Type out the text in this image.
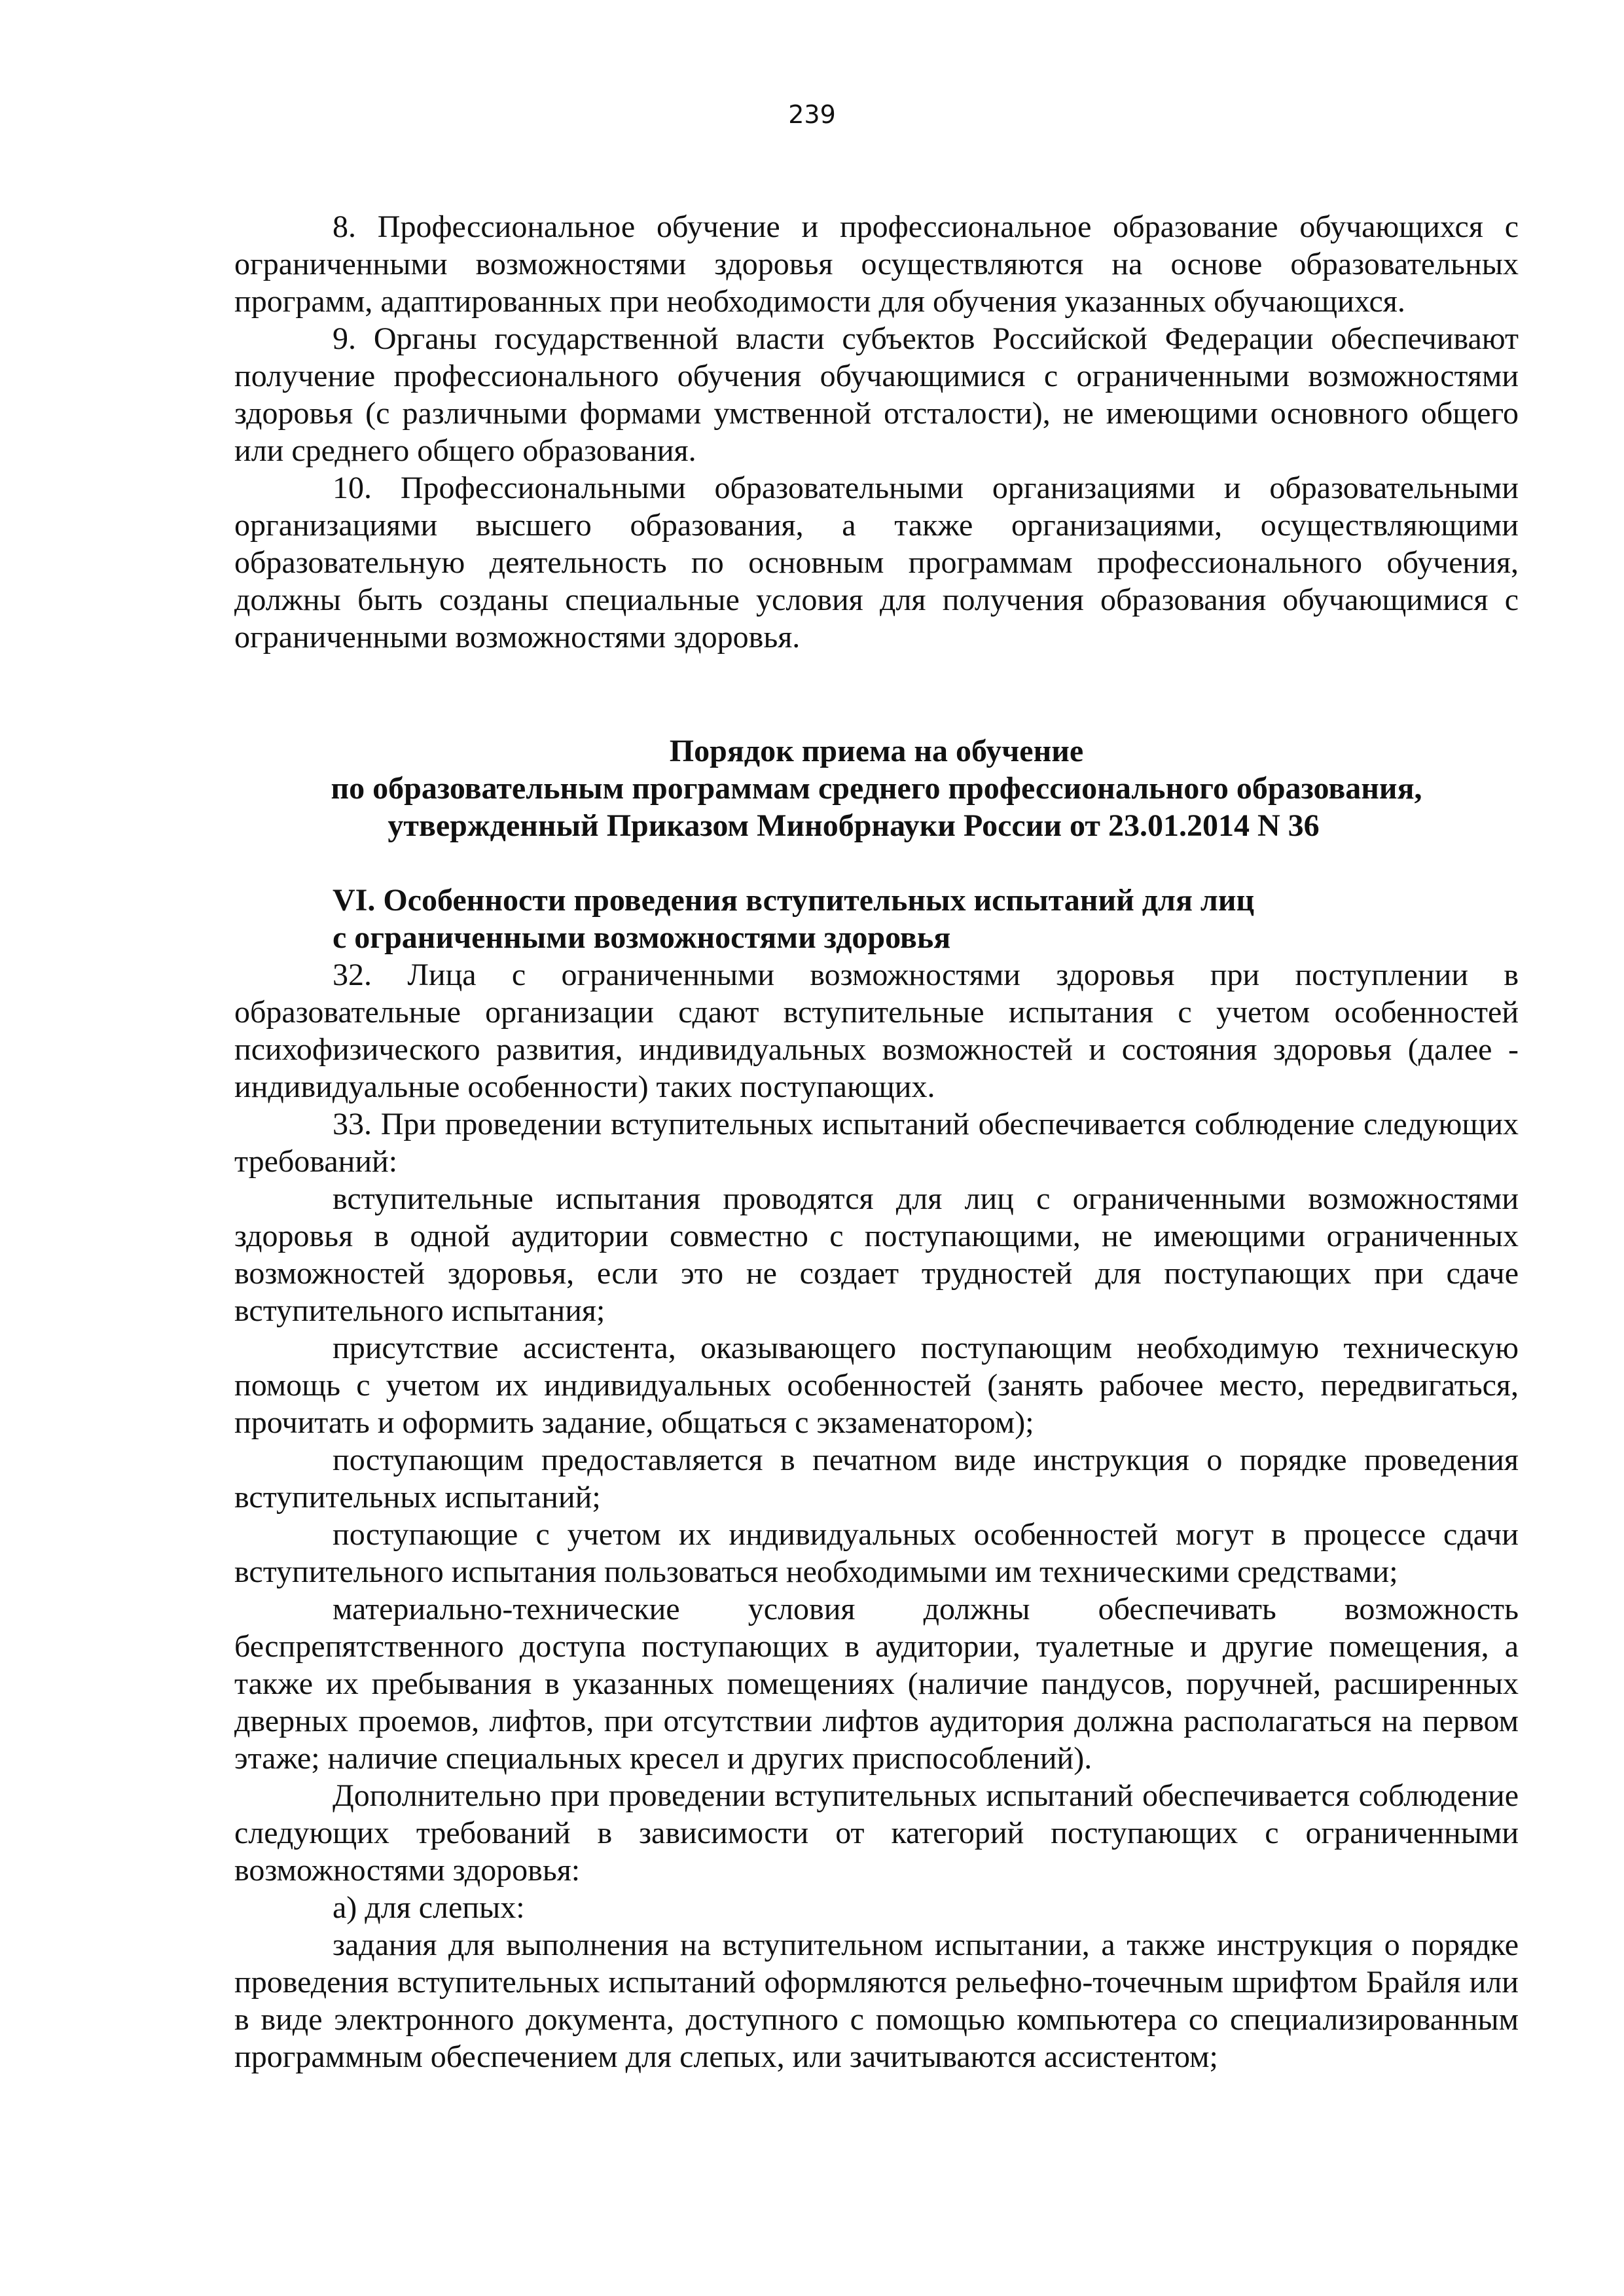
239

8. Профессиональное обучение и профессиональное образование обучающихся с ограниченными возможностями здоровья осуществляются на основе образовательных программ, адаптированных при необходимости для обучения указанных обучающихся.

9. Органы государственной власти субъектов Российской Федерации обеспечивают получение профессионального обучения обучающимися с ограниченными возможностями здоровья (с различными формами умственной отсталости), не имеющими основного общего или среднего общего образования.

10. Профессиональными образовательными организациями и образовательными организациями высшего образования, а также организациями, осуществляющими образовательную деятельность по основным программам профессионального обучения, должны быть созданы специальные условия для получения образования обучающимися с ограниченными возможностями здоровья.

Порядок приема на обучение
по образовательным программам среднего профессионального образования,
утвержденный Приказом Минобрнауки России от 23.01.2014 N 36
VI. Особенности проведения вступительных испытаний для лиц
с ограниченными возможностями здоровья

32. Лица с ограниченными возможностями здоровья при поступлении в образовательные организации сдают вступительные испытания с учетом особенностей психофизического развития, индивидуальных возможностей и состояния здоровья (далее - индивидуальные особенности) таких поступающих.

33. При проведении вступительных испытаний обеспечивается соблюдение следующих требований:

вступительные испытания проводятся для лиц с ограниченными возможностями здоровья в одной аудитории совместно с поступающими, не имеющими ограниченных возможностей здоровья, если это не создает трудностей для поступающих при сдаче вступительного испытания;

присутствие ассистента, оказывающего поступающим необходимую техническую помощь с учетом их индивидуальных особенностей (занять рабочее место, передвигаться, прочитать и оформить задание, общаться с экзаменатором);

поступающим предоставляется в печатном виде инструкция о порядке проведения вступительных испытаний;

поступающие с учетом их индивидуальных особенностей могут в процессе сдачи вступительного испытания пользоваться необходимыми им техническими средствами;

материально-технические условия должны обеспечивать возможность беспрепятственного доступа поступающих в аудитории, туалетные и другие помещения, а также их пребывания в указанных помещениях (наличие пандусов, поручней, расширенных дверных проемов, лифтов, при отсутствии лифтов аудитория должна располагаться на первом этаже; наличие специальных кресел и других приспособлений).

Дополнительно при проведении вступительных испытаний обеспечивается соблюдение следующих требований в зависимости от категорий поступающих с ограниченными возможностями здоровья:

а) для слепых:

задания для выполнения на вступительном испытании, а также инструкция о порядке проведения вступительных испытаний оформляются рельефно-точечным шрифтом Брайля или в виде электронного документа, доступного с помощью компьютера со специализированным программным обеспечением для слепых, или зачитываются ассистентом;
